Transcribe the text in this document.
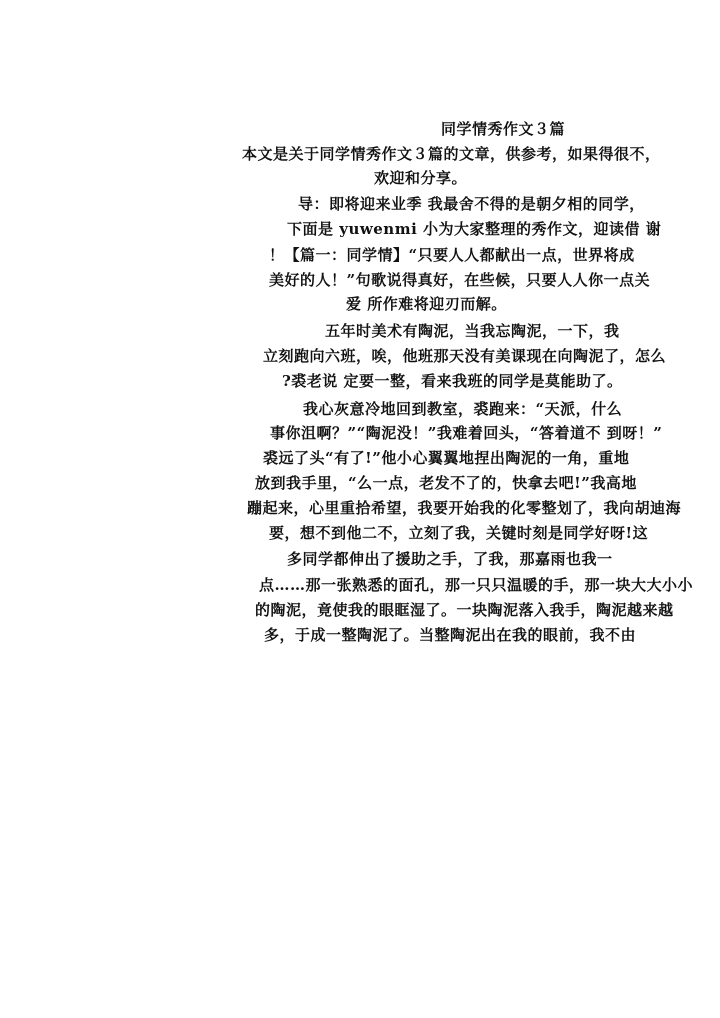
同学情秀作文３篇
本文是关于同学情秀作文３篇的文章，供参考，如果得很不，
欢迎和分享。
导：即将迎来业季 我最舍不得的是朝夕相的同学，
下面是 yuwenmi 小为大家整理的秀作文，迎读借 谢
！【篇一：同学情】“只要人人都献出一点，世界将成
美好的人！”句歌说得真好，在些候，只要人人你一点关
爱 所作难将迎刃而解。
五年时美术有陶泥，当我忘陶泥，一下，我
立刻跑向六班，唉，他班那天没有美课现在向陶泥了，怎么
?裘老说 定要一整，看来我班的同学是莫能助了。
我心灰意冷地回到教室，裘跑来：“天派，什么
事你沮啊？”“陶泥没！”我难着回头，“答着道不 到呀！”
裘远了头“有了!”他小心翼翼地捏出陶泥的一角，重地
放到我手里，“么一点，老发不了的，快拿去吧!”我高地
蹦起来，心里重拾希望，我要开始我的化零整划了，我向胡迪海
要，想不到他二不，立刻了我，关键时刻是同学好呀!这
多同学都伸出了援助之手，了我，那嘉雨也我一
点……那一张熟悉的面孔，那一只只温暖的手，那一块大大小小
的陶泥，竟使我的眼眶湿了。一块陶泥落入我手，陶泥越来越
多，于成一整陶泥了。当整陶泥出在我的眼前，我不由
